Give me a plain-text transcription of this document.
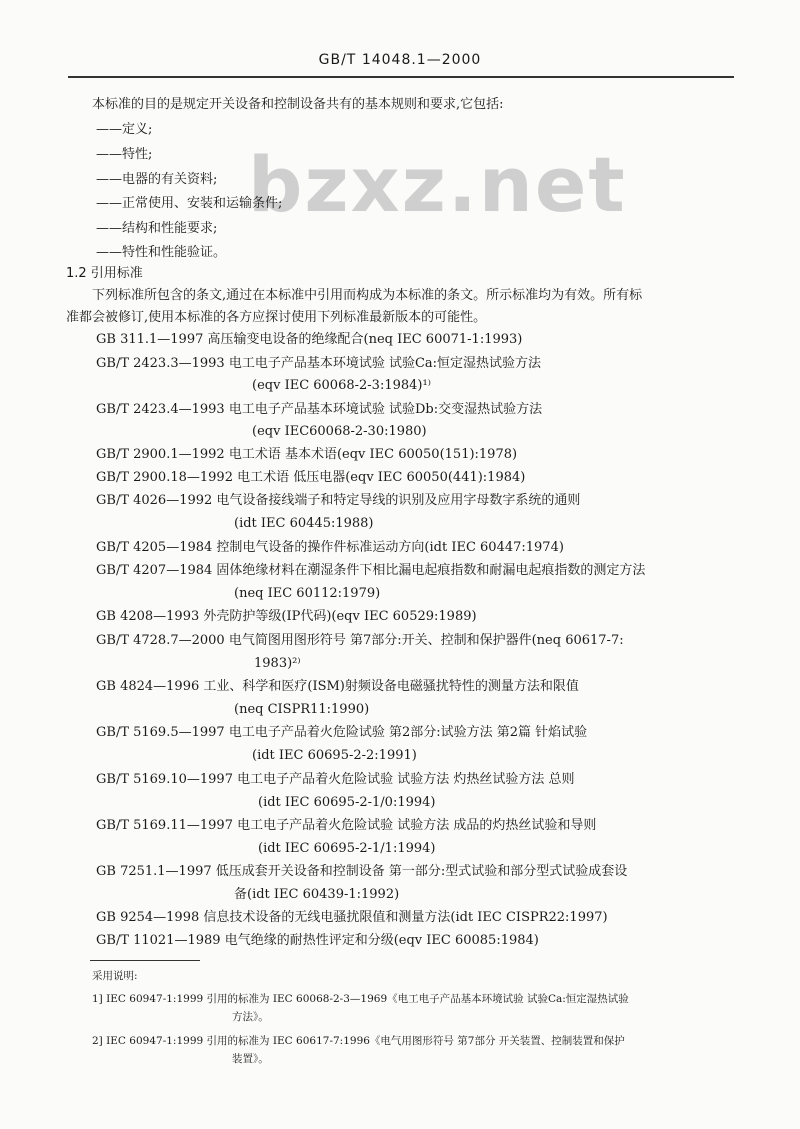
GB/T 14048.1—2000
bzxz.net
本标准的目的是规定开关设备和控制设备共有的基本规则和要求,它包括:
——定义;
——特性;
——电器的有关资料;
——正常使用、安装和运输条件;
——结构和性能要求;
——特性和性能验证。
1.2 引用标准
下列标准所包含的条文,通过在本标准中引用而构成为本标准的条文。所示标准均为有效。所有标
准都会被修订,使用本标准的各方应探讨使用下列标准最新版本的可能性。
GB 311.1—1997 高压输变电设备的绝缘配合(neq IEC 60071-1:1993)
GB/T 2423.3—1993 电工电子产品基本环境试验 试验Ca:恒定湿热试验方法
(eqv IEC 60068-2-3:1984)¹⁾
GB/T 2423.4—1993 电工电子产品基本环境试验 试验Db:交变湿热试验方法
(eqv IEC60068-2-30:1980)
GB/T 2900.1—1992 电工术语 基本术语(eqv IEC 60050(151):1978)
GB/T 2900.18—1992 电工术语 低压电器(eqv IEC 60050(441):1984)
GB/T 4026—1992 电气设备接线端子和特定导线的识别及应用字母数字系统的通则
(idt IEC 60445:1988)
GB/T 4205—1984 控制电气设备的操作件标准运动方向(idt IEC 60447:1974)
GB/T 4207—1984 固体绝缘材料在潮湿条件下相比漏电起痕指数和耐漏电起痕指数的测定方法
(neq IEC 60112:1979)
GB 4208—1993 外壳防护等级(IP代码)(eqv IEC 60529:1989)
GB/T 4728.7—2000 电气简图用图形符号 第7部分:开关、控制和保护器件(neq 60617-7:
1983)²⁾
GB 4824—1996 工业、科学和医疗(ISM)射频设备电磁骚扰特性的测量方法和限值
(neq CISPR11:1990)
GB/T 5169.5—1997 电工电子产品着火危险试验 第2部分:试验方法 第2篇 针焰试验
(idt IEC 60695-2-2:1991)
GB/T 5169.10—1997 电工电子产品着火危险试验 试验方法 灼热丝试验方法 总则
(idt IEC 60695-2-1/0:1994)
GB/T 5169.11—1997 电工电子产品着火危险试验 试验方法 成品的灼热丝试验和导则
(idt IEC 60695-2-1/1:1994)
GB 7251.1—1997 低压成套开关设备和控制设备 第一部分:型式试验和部分型式试验成套设
备(idt IEC 60439-1:1992)
GB 9254—1998 信息技术设备的无线电骚扰限值和测量方法(idt IEC CISPR22:1997)
GB/T 11021—1989 电气绝缘的耐热性评定和分级(eqv IEC 60085:1984)
采用说明:
1] IEC 60947-1:1999 引用的标准为 IEC 60068-2-3—1969《电工电子产品基本环境试验 试验Ca:恒定湿热试验
方法》。
2] IEC 60947-1:1999 引用的标准为 IEC 60617-7:1996《电气用图形符号 第7部分 开关装置、控制装置和保护
装置》。
